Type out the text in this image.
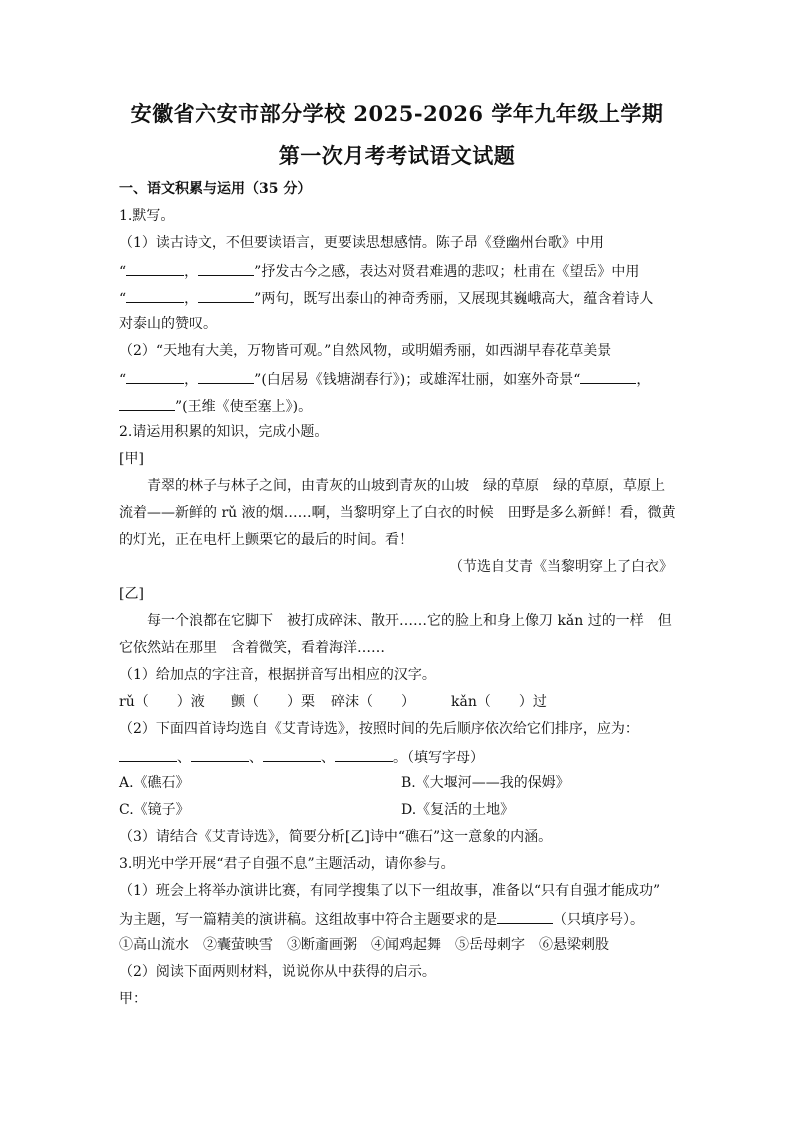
安徽省六安市部分学校 2025-2026 学年九年级上学期
第一次月考考试语文试题
一、语文积累与运用（35 分）
1.默写。
（1）读古诗文，不但要读语言，更要读思想感情。陈子昂《登幽州台歌》中用
“	，	”抒发古今之感，表达对贤君难遇的悲叹；杜甫在《望岳》中用
“	，	”两句，既写出泰山的神奇秀丽，又展现其巍峨高大，蕴含着诗人
对泰山的赞叹。
（2）“天地有大美，万物皆可观。”自然风物，或明媚秀丽，如西湖早春花草美景
“	，	”(白居易《钱塘湖春行》)；或雄浑壮丽，如塞外奇景“	，
”(王维《使至塞上》)。
2.请运用积累的知识，完成小题。
[甲]
青翠的林子与林子之间，由青灰的山坡到青灰的山坡　绿的草原　绿的草原，草原上
流着——新鲜的 rǔ 液的烟……啊，当黎明穿上了白衣的时候　田野是多么新鲜！看，微黄
的灯光，正在电杆上颤栗它的最后的时间。看！
（节选自艾青《当黎明穿上了白衣》
[乙]
每一个浪都在它脚下　被打成碎沫、散开……它的脸上和身上像刀 kǎn 过的一样　但
它依然站在那里　含着微笑，看着海洋……
（1）给加点的字注音，根据拼音写出相应的汉字。
rǔ（　　）液 颤（　　）栗 碎沫（　　）	kǎn（　　）过
（2）下面四首诗均选自《艾青诗选》，按照时间的先后顺序依次给它们排序，应为：
、	、	、	。（填写字母）
A.《礁石》	B.《大堰河——我的保姆》
C.《镜子》	D.《复活的土地》
（3）请结合《艾青诗选》，简要分析[乙]诗中“礁石”这一意象的内涵。
3.明光中学开展“君子自强不息”主题活动，请你参与。
（1）班会上将举办演讲比赛，有同学搜集了以下一组故事，准备以“只有自强才能成功”
为主题，写一篇精美的演讲稿。这组故事中符合主题要求的是	（只填序号）。
①高山流水 ②囊萤映雪 ③断齑画粥 ④闻鸡起舞 ⑤岳母刺字 ⑥悬梁刺股
（2）阅读下面两则材料，说说你从中获得的启示。
甲：
